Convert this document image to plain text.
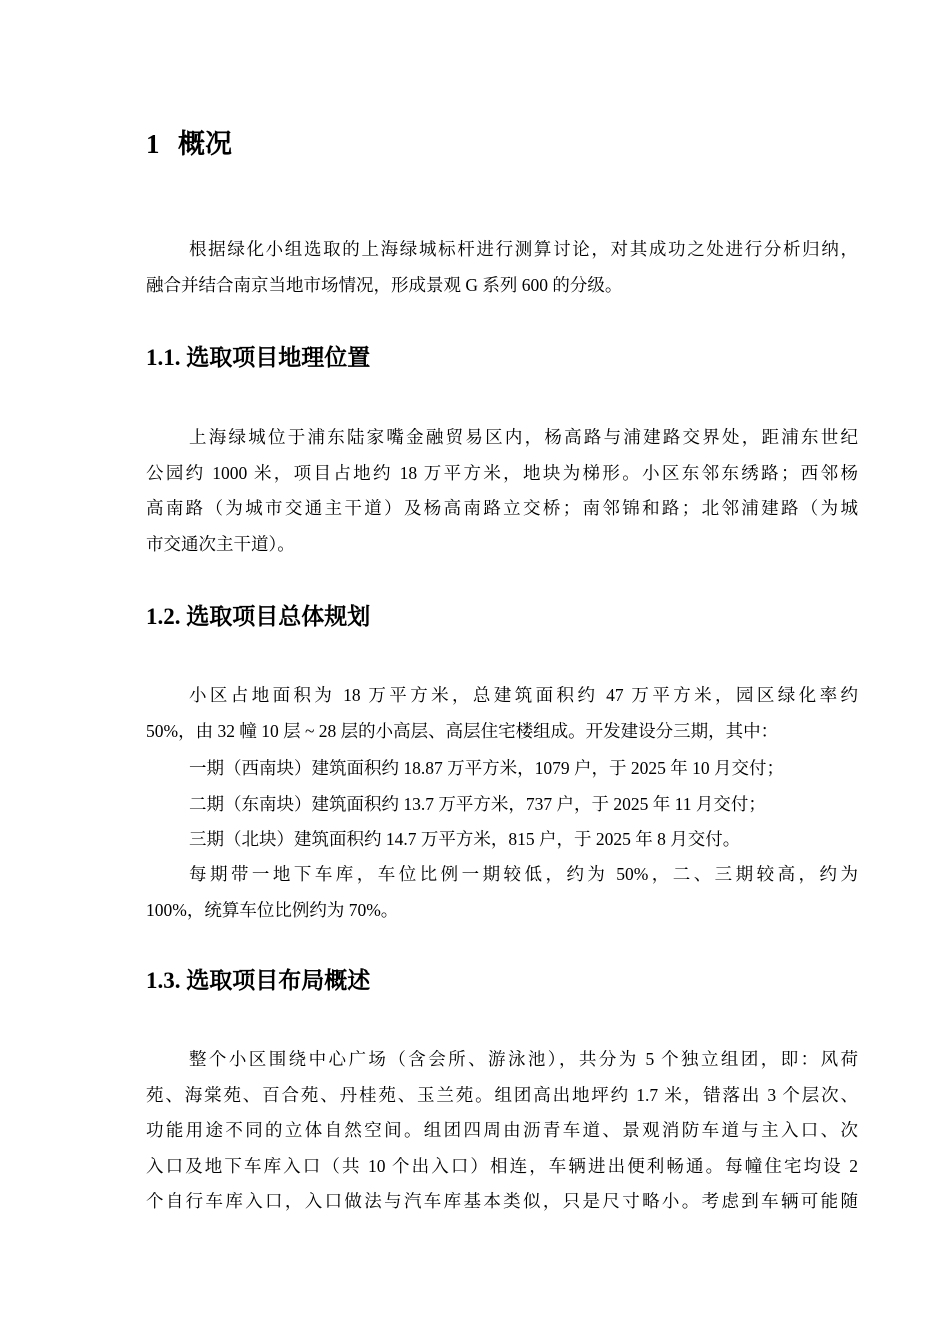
1 概况
根据绿化小组选取的上海绿城标杆进行测算讨论，对其成功之处进行分析归纳，
融合并结合南京当地市场情况，形成景观 G 系列 600 的分级。
1.1. 选取项目地理位置
上海绿城位于浦东陆家嘴金融贸易区内，杨高路与浦建路交界处，距浦东世纪
公园约 1000 米，项目占地约 18 万平方米，地块为梯形。小区东邻东绣路；西邻杨
高南路（为城市交通主干道）及杨高南路立交桥；南邻锦和路；北邻浦建路（为城
市交通次主干道）。
1.2. 选取项目总体规划
小区占地面积为 18 万平方米，总建筑面积约 47 万平方米，园区绿化率约
50%，由 32 幢 10 层 ~ 28 层的小高层、高层住宅楼组成。开发建设分三期，其中：
一期（西南块）建筑面积约 18.87 万平方米，1079 户，于 2025 年 10 月交付；
二期（东南块）建筑面积约 13.7 万平方米，737 户，于 2025 年 11 月交付；
三期（北块）建筑面积约 14.7 万平方米，815 户，于 2025 年 8 月交付。
每期带一地下车库，车位比例一期较低，约为 50%，二、三期较高，约为
100%，统算车位比例约为 70%。
1.3. 选取项目布局概述
整个小区围绕中心广场（含会所、游泳池），共分为 5 个独立组团，即：风荷
苑、海棠苑、百合苑、丹桂苑、玉兰苑。组团高出地坪约 1.7 米，错落出 3 个层次、
功能用途不同的立体自然空间。组团四周由沥青车道、景观消防车道与主入口、次
入口及地下车库入口（共 10 个出入口）相连，车辆进出便利畅通。每幢住宅均设 2
个自行车库入口，入口做法与汽车库基本类似，只是尺寸略小。考虑到车辆可能随
